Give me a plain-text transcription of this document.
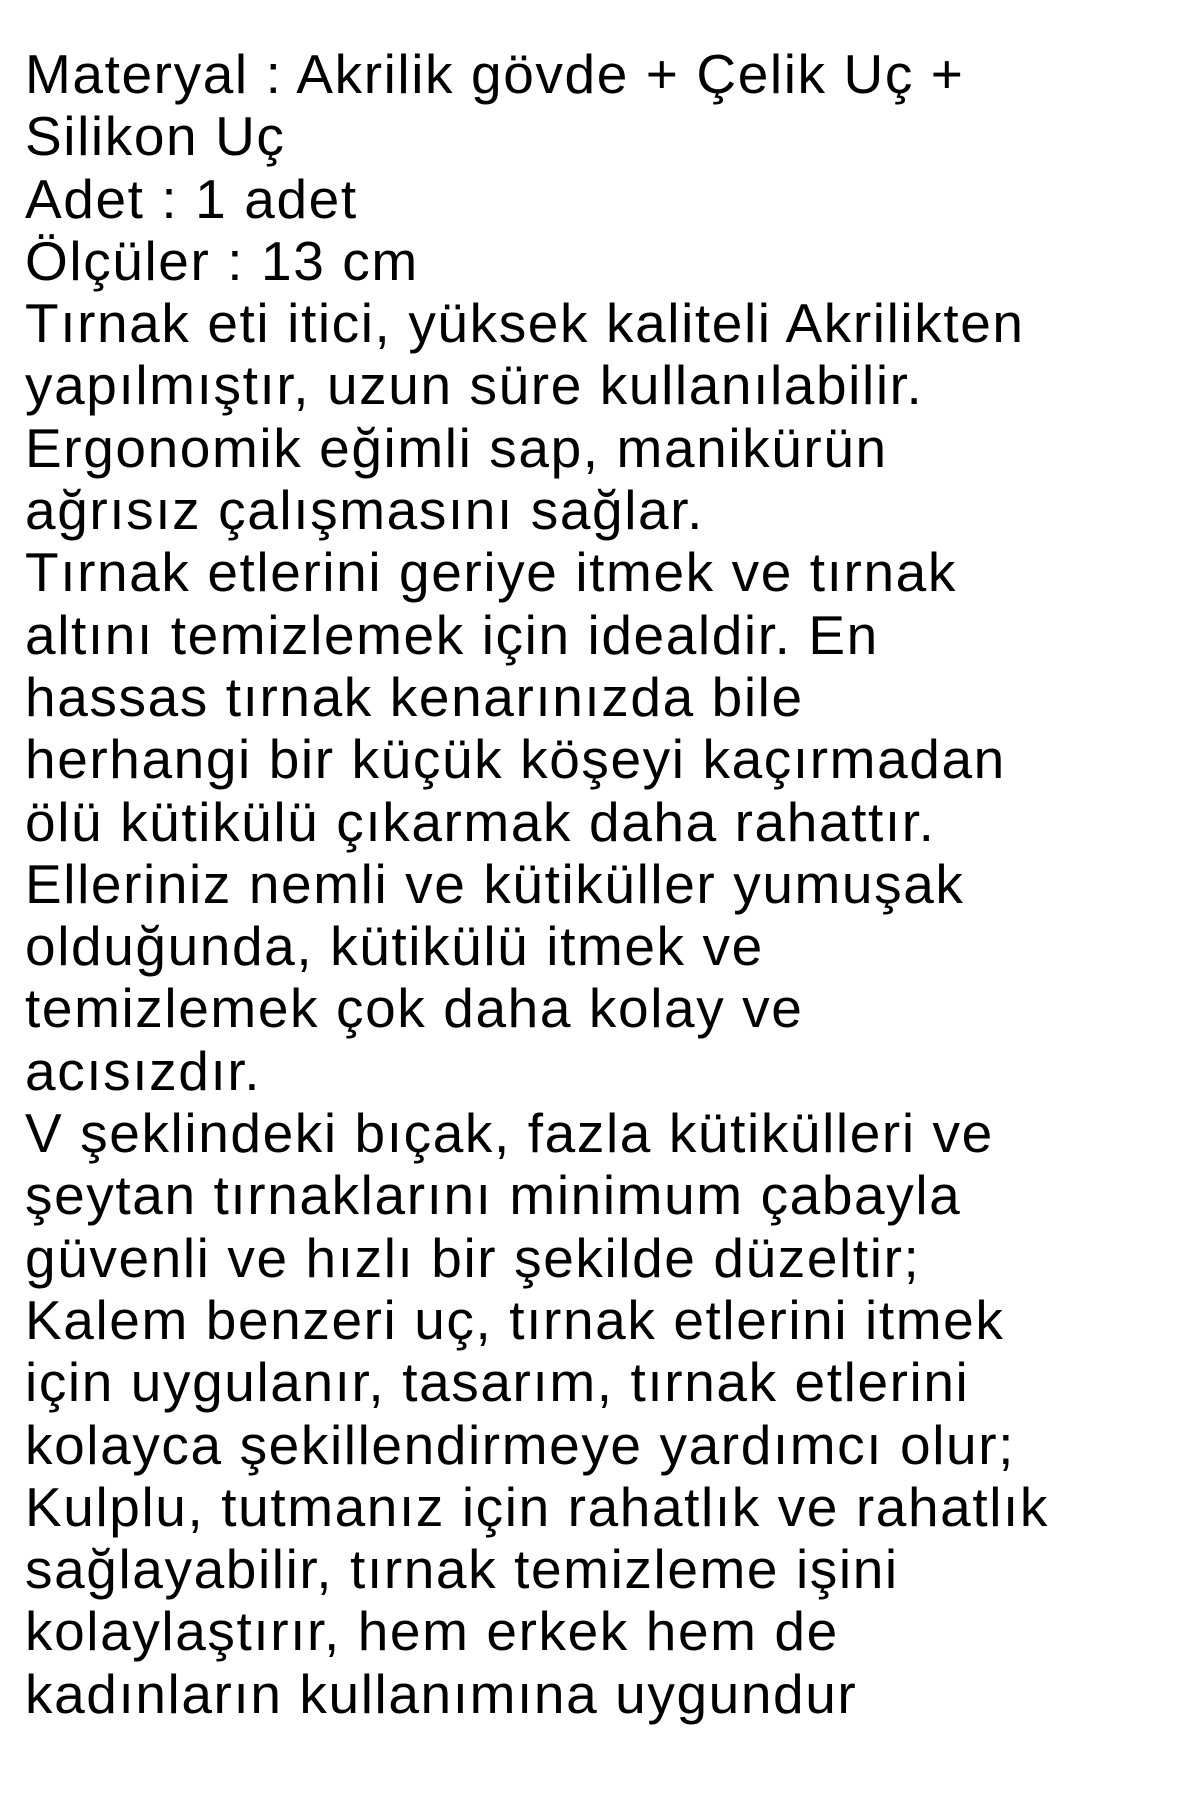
Materyal : Akrilik gövde + Çelik Uç +
Silikon Uç
Adet : 1 adet
Ölçüler : 13 cm
Tırnak eti itici, yüksek kaliteli Akrilikten
yapılmıştır, uzun süre kullanılabilir.
Ergonomik eğimli sap, manikürün
ağrısız çalışmasını sağlar.
Tırnak etlerini geriye itmek ve tırnak
altını temizlemek için idealdir. En
hassas tırnak kenarınızda bile
herhangi bir küçük köşeyi kaçırmadan
ölü kütikülü çıkarmak daha rahattır.
Elleriniz nemli ve kütiküller yumuşak
olduğunda, kütikülü itmek ve
temizlemek çok daha kolay ve
acısızdır.
V şeklindeki bıçak, fazla kütikülleri ve
şeytan tırnaklarını minimum çabayla
güvenli ve hızlı bir şekilde düzeltir;
Kalem benzeri uç, tırnak etlerini itmek
için uygulanır, tasarım, tırnak etlerini
kolayca şekillendirmeye yardımcı olur;
Kulplu, tutmanız için rahatlık ve rahatlık
sağlayabilir, tırnak temizleme işini
kolaylaştırır, hem erkek hem de
kadınların kullanımına uygundur
